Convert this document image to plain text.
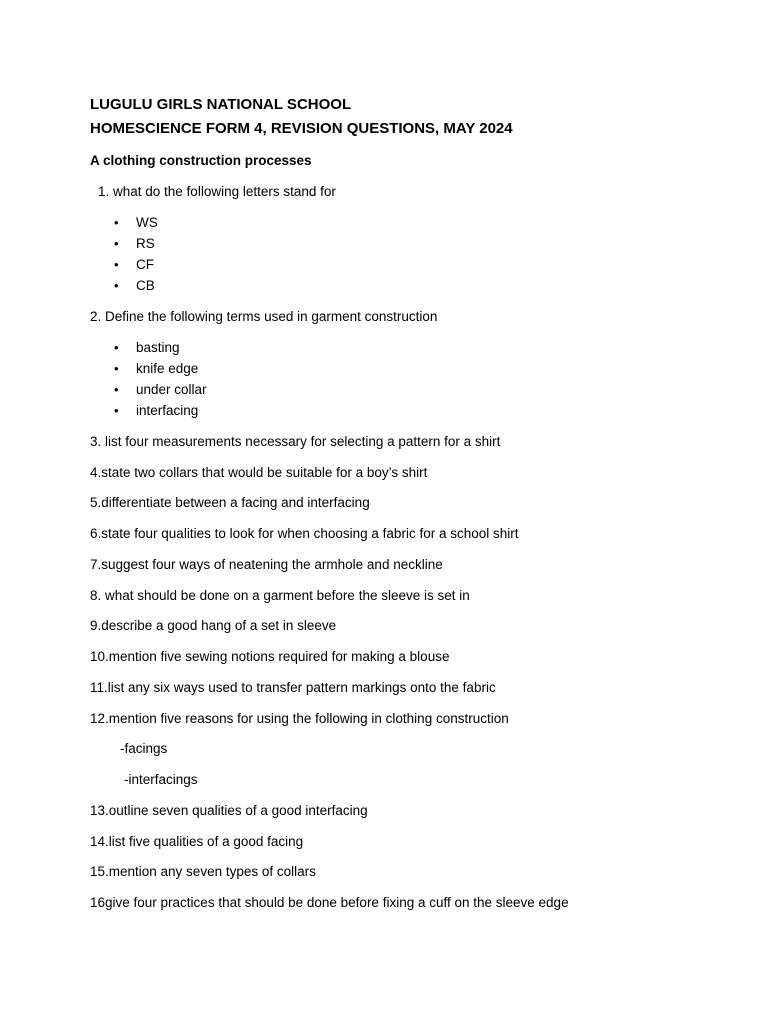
LUGULU GIRLS NATIONAL SCHOOL
HOMESCIENCE FORM 4, REVISION QUESTIONS, MAY 2024
A clothing construction processes
1. what do the following letters stand for
• WS
• RS
• CF
• CB
2. Define the following terms used in garment construction
• basting
• knife edge
• under collar
• interfacing
3. list four measurements necessary for selecting a pattern for a shirt
4.state two collars that would be suitable for a boy’s shirt
5.differentiate between a facing and interfacing
6.state four qualities to look for when choosing a fabric for a school shirt
7.suggest four ways of neatening the armhole and neckline
8. what should be done on a garment before the sleeve is set in
9.describe a good hang of a set in sleeve
10.mention five sewing notions required for making a blouse
11.list any six ways used to transfer pattern markings onto the fabric
12.mention five reasons for using the following in clothing construction
-facings
-interfacings
13.outline seven qualities of a good interfacing
14.list five qualities of a good facing
15.mention any seven types of collars
16give four practices that should be done before fixing a cuff on the sleeve edge
